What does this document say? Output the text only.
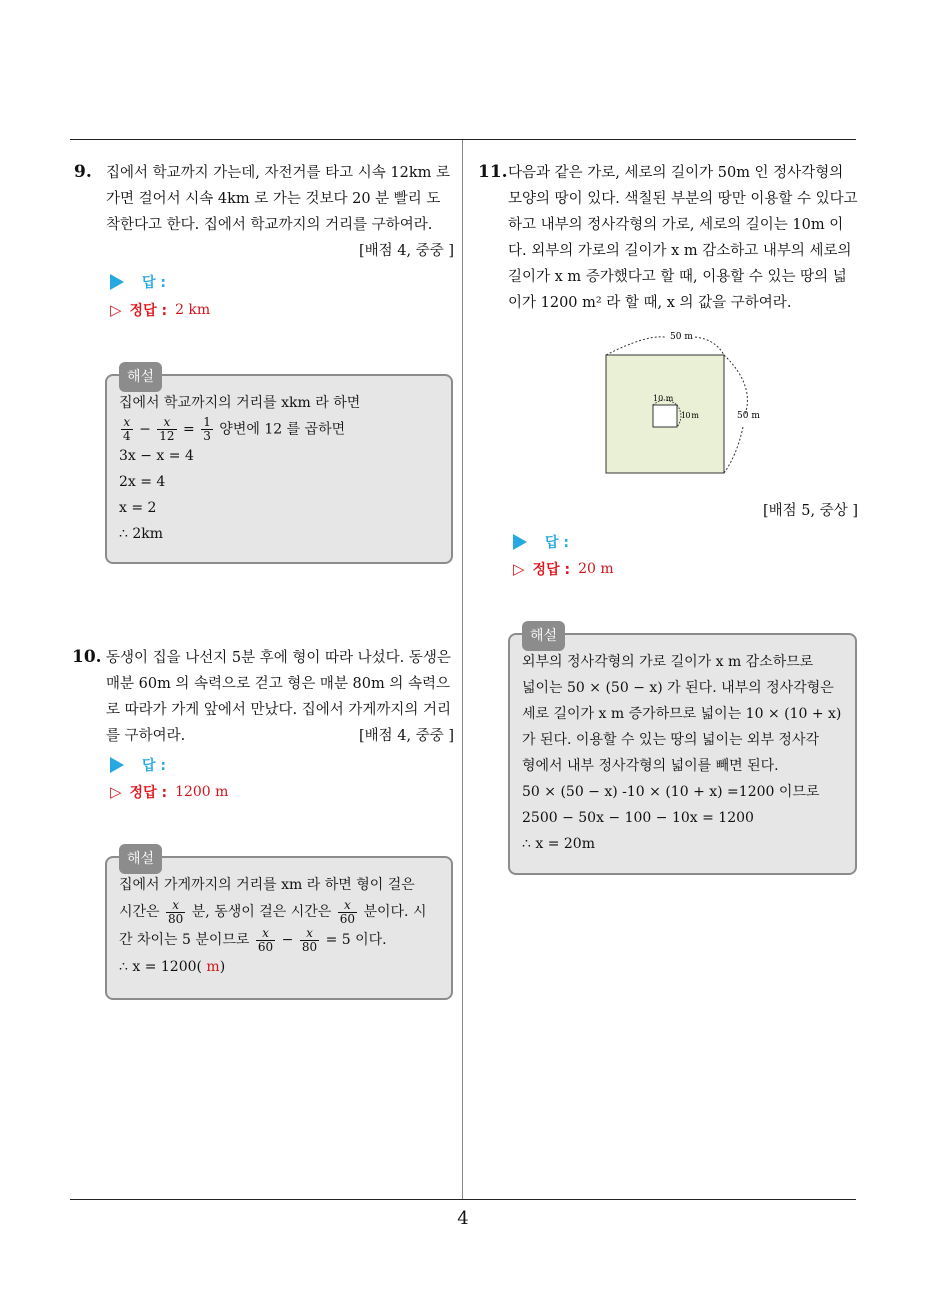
4
9. 집에서 학교까지 가는데, 자전거를 타고 시속 12km 로 가면 걸어서 시속 4km 로 가는 것보다 20 분 빨리 도착한다고 한다. 집에서 학교까지의 거리를 구하여라.
[배점 4, 중중 ]
답 :
▷ 정답 : 2 km
해설
집에서 학교까지의 거리를 xkm 라 하면
$\frac{x}{4} - \frac{x}{12} = \frac{1}{3}$ 양변에 12 를 곱하면
3x − x = 4
2x = 4
x = 2
∴ 2km
10. 동생이 집을 나선지 5분 후에 형이 따라 나섰다. 동생은 매분 60m 의 속력으로 걷고 형은 매분 80m 의 속력으로 따라가 가게 앞에서 만났다. 집에서 가게까지의 거리를 구하여라.	[배점 4, 중중 ]
답 :
▷ 정답 : 1200 m
해설
집에서 가게까지의 거리를 xm 라 하면 형이 걸은
시간은 $\frac{x}{80}$ 분, 동생이 걸은 시간은 $\frac{x}{60}$ 분이다. 시
간 차이는 5 분이므로 $\frac{x}{60} - \frac{x}{80} = 5$ 이다.
∴ x = 1200( m)
11. 다음과 같은 가로, 세로의 길이가 50m 인 정사각형의 모양의 땅이 있다. 색칠된 부분의 땅만 이용할 수 있다고 하고 내부의 정사각형의 가로, 세로의 길이는 10m 이다. 외부의 가로의 길이가 x m 감소하고 내부의 세로의 길이가 x m 증가했다고 할 때, 이용할 수 있는 땅의 넓이가 1200 m² 라 할 때, x 의 값을 구하여라.
50 m
50 m
10 m
10 m
[배점 5, 중상 ]
답 :
▷ 정답 : 20 m
해설
외부의 정사각형의 가로 길이가 x m 감소하므로
넓이는 50 × (50 − x) 가 된다. 내부의 정사각형은
세로 길이가 x m 증가하므로 넓이는 10 × (10 + x)
가 된다. 이용할 수 있는 땅의 넓이는 외부 정사각
형에서 내부 정사각형의 넓이를 빼면 된다.
50 × (50 − x) -10 × (10 + x) =1200 이므로
2500 − 50x − 100 − 10x = 1200
∴ x = 20m
